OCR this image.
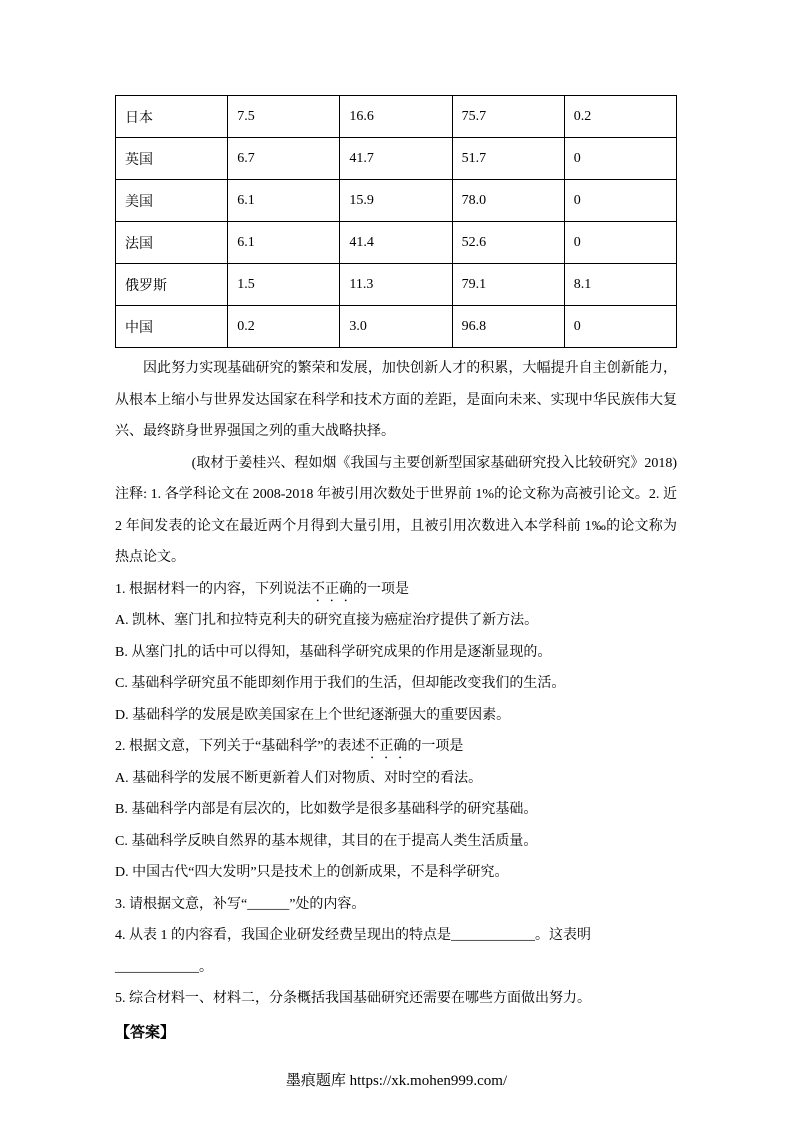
日本	7.5	16.6	75.7	0.2
英国	6.7	41.7	51.7	0
美国	6.1	15.9	78.0	0
法国	6.1	41.4	52.6	0
俄罗斯	1.5	11.3	79.1	8.1
中国	0.2	3.0	96.8	0

因此努力实现基础研究的繁荣和发展，加快创新人才的积累，大幅提升自主创新能力，从根本上缩小与世界发达国家在科学和技术方面的差距，是面向未来、实现中华民族伟大复兴、最终跻身世界强国之列的重大战略抉择。

(取材于姜桂兴、程如烟《我国与主要创新型国家基础研究投入比较研究》2018)

注释: 1. 各学科论文在 2008-2018 年被引用次数处于世界前 1%的论文称为高被引论文。2. 近 2 年间发表的论文在最近两个月得到大量引用，且被引用次数进入本学科前 1‰的论文称为热点论文。

1. 根据材料一的内容，下列说法不正确的一项是
A. 凯林、塞门扎和拉特克利夫的研究直接为癌症治疗提供了新方法。
B. 从塞门扎的话中可以得知，基础科学研究成果的作用是逐渐显现的。
C. 基础科学研究虽不能即刻作用于我们的生活，但却能改变我们的生活。
D. 基础科学的发展是欧美国家在上个世纪逐渐强大的重要因素。
2. 根据文意，下列关于“基础科学”的表述不正确的一项是
A. 基础科学的发展不断更新着人们对物质、对时空的看法。
B. 基础科学内部是有层次的，比如数学是很多基础科学的研究基础。
C. 基础科学反映自然界的基本规律，其目的在于提高人类生活质量。
D. 中国古代“四大发明”只是技术上的创新成果，不是科学研究。
3. 请根据文意，补写“______”处的内容。
4. 从表 1 的内容看，我国企业研发经费呈现出的特点是____________。这表明____________。
5. 综合材料一、材料二，分条概括我国基础研究还需要在哪些方面做出努力。
【答案】
墨痕题库 https://xk.mohen999.com/
